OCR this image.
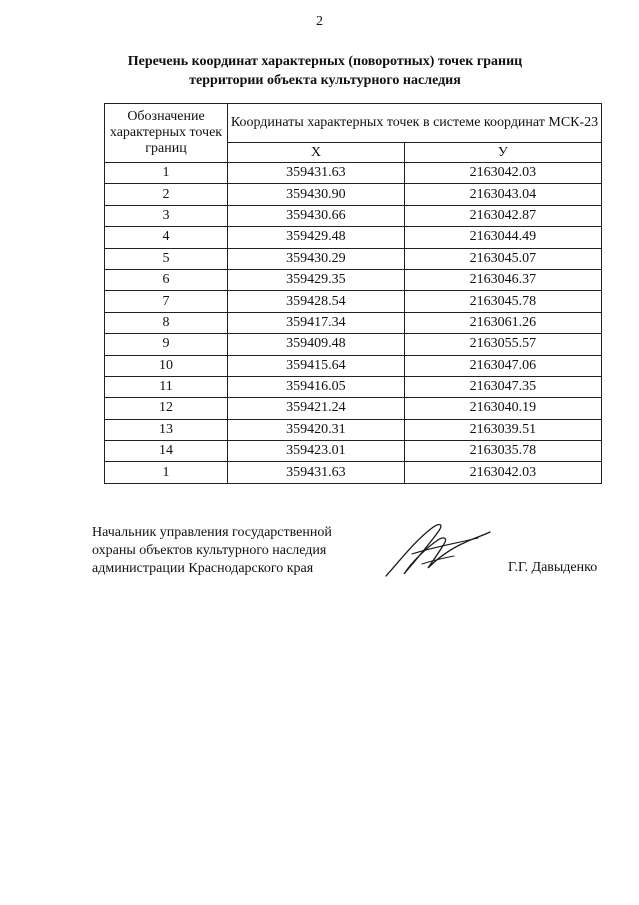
2
Перечень координат характерных (поворотных) точек границ территории объекта культурного наследия
Обозначение характерных точек границ	Координаты характерных точек в системе координат МСК-23	
	X	У
1	359431.63	2163042.03
2	359430.90	2163043.04
3	359430.66	2163042.87
4	359429.48	2163044.49
5	359430.29	2163045.07
6	359429.35	2163046.37
7	359428.54	2163045.78
8	359417.34	2163061.26
9	359409.48	2163055.57
10	359415.64	2163047.06
11	359416.05	2163047.35
12	359421.24	2163040.19
13	359420.31	2163039.51
14	359423.01	2163035.78
1	359431.63	2163042.03
Начальник управления государственной
охраны объектов культурного наследия
администрации Краснодарского края	Г.Г. Давыденко
